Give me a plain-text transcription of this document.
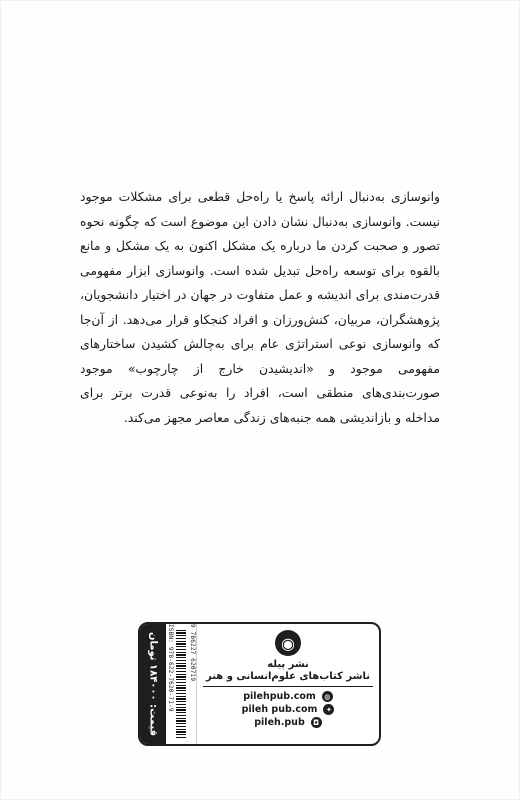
وانوسازی به‌دنبال ارائه پاسخ یا راه‌حل قطعی برای مشکلات موجود نیست. وانوسازی به‌دنبال نشان دادن این موضوع است که چگونه نحوه تصور و صحبت کردن ما درباره یک مشکل اکنون به یک مشکل و مانع بالقوه برای توسعه راه‌حل تبدیل شده است. وانوسازی ابزار مفهومی قدرت‌مندی برای اندیشه و عمل متفاوت در جهان در اختیار دانشجویان، پژوهشگران، مربیان، کنش‌ورزان و افراد کنجکاو قرار می‌دهد. از آن‌جا که وانوسازی نوعی استراتژی عام برای به‌چالش کشیدن ساختارهای مفهومی موجود و «اندیشیدن خارج از چارچوب» موجود صورت‌بندی‌های منطقی است، افراد را به‌نوعی قدرت برتر برای مداخله و بازاندیشی همه جنبه‌های زندگی معاصر مجهز می‌کند.

قیمت: ۱۸۴۰۰۰ تومان
ISBN: 978-622-7620-71-9	9 786227 620719	◉
نشر پیله
ناشر کتاب‌های علوم‌انسانی و هنر
pilehpub.com	◍
pileh pub.com	✦
pileh.pub	◘
